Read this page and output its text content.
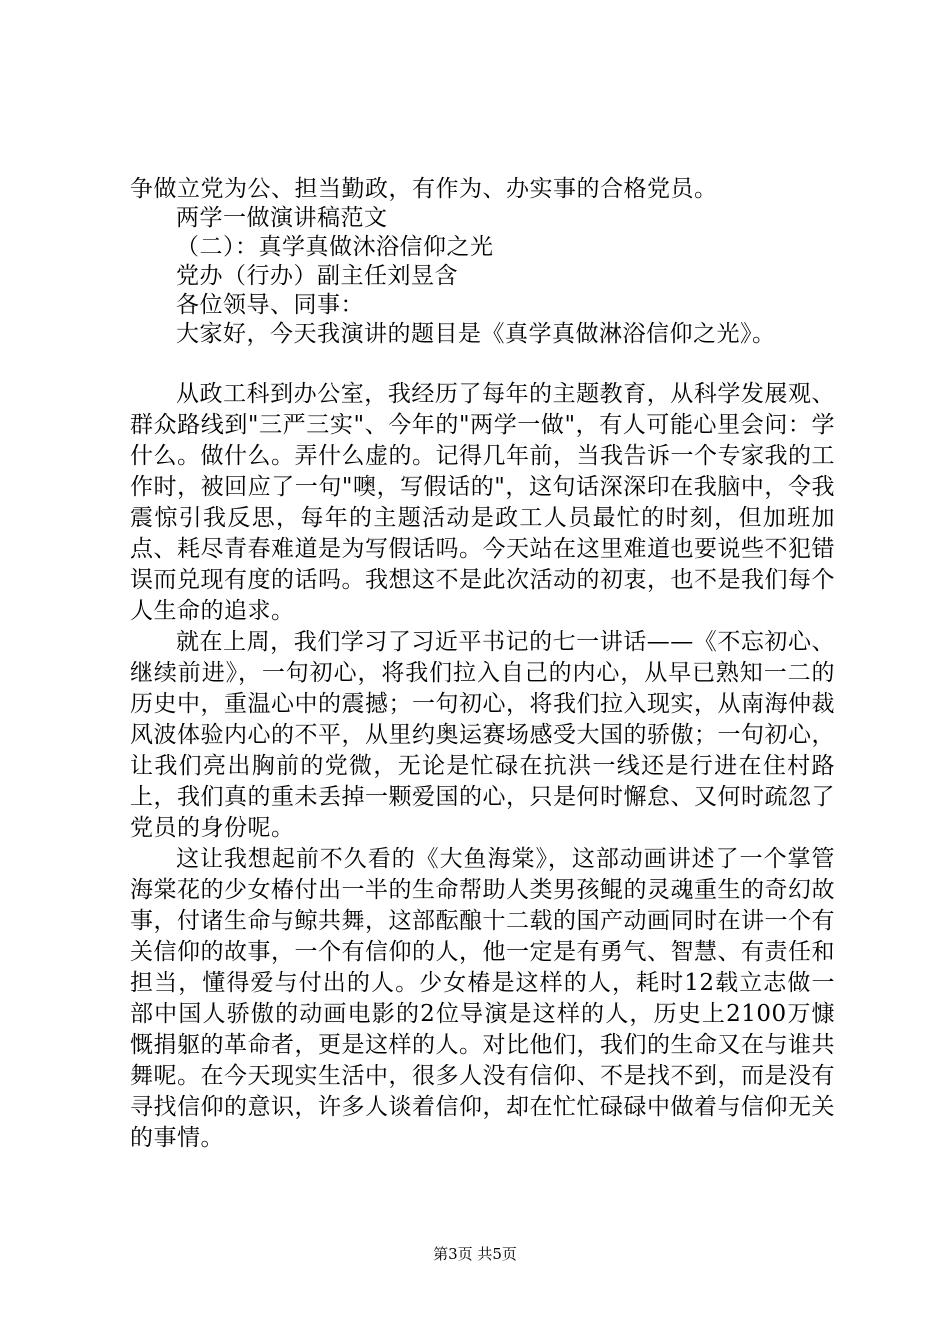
争做立党为公、担当勤政，有作为、办实事的合格党员。
两学一做演讲稿范文
（二）：真学真做沐浴信仰之光
党办（行办）副主任刘昱含
各位领导、同事：
大家好，今天我演讲的题目是《真学真做淋浴信仰之光》。

从政工科到办公室，我经历了每年的主题教育，从科学发展观、群众路线到"三严三实"、今年的"两学一做"，有人可能心里会问：学什么。做什么。弄什么虚的。记得几年前，当我告诉一个专家我的工作时，被回应了一句"噢，写假话的"，这句话深深印在我脑中，令我震惊引我反思，每年的主题活动是政工人员最忙的时刻，但加班加点、耗尽青春难道是为写假话吗。今天站在这里难道也要说些不犯错误而兑现有度的话吗。我想这不是此次活动的初衷，也不是我们每个人生命的追求。

就在上周，我们学习了习近平书记的七一讲话——《不忘初心、继续前进》，一句初心，将我们拉入自己的内心，从早已熟知一二的历史中，重温心中的震撼；一句初心，将我们拉入现实，从南海仲裁风波体验内心的不平，从里约奥运赛场感受大国的骄傲；一句初心，让我们亮出胸前的党微，无论是忙碌在抗洪一线还是行进在住村路上，我们真的重未丢掉一颗爱国的心，只是何时懈怠、又何时疏忽了党员的身份呢。

这让我想起前不久看的《大鱼海棠》，这部动画讲述了一个掌管海棠花的少女椿付出一半的生命帮助人类男孩鲲的灵魂重生的奇幻故事，付诸生命与鲸共舞，这部酝酿十二载的国产动画同时在讲一个有关信仰的故事，一个有信仰的人，他一定是有勇气、智慧、有责任和担当，懂得爱与付出的人。少女椿是这样的人，耗时12载立志做一部中国人骄傲的动画电影的2位导演是这样的人，历史上2100万慷慨捐躯的革命者，更是这样的人。对比他们，我们的生命又在与谁共舞呢。在今天现实生活中，很多人没有信仰、不是找不到，而是没有寻找信仰的意识，许多人谈着信仰，却在忙忙碌碌中做着与信仰无关的事情。

第3页 共5页
